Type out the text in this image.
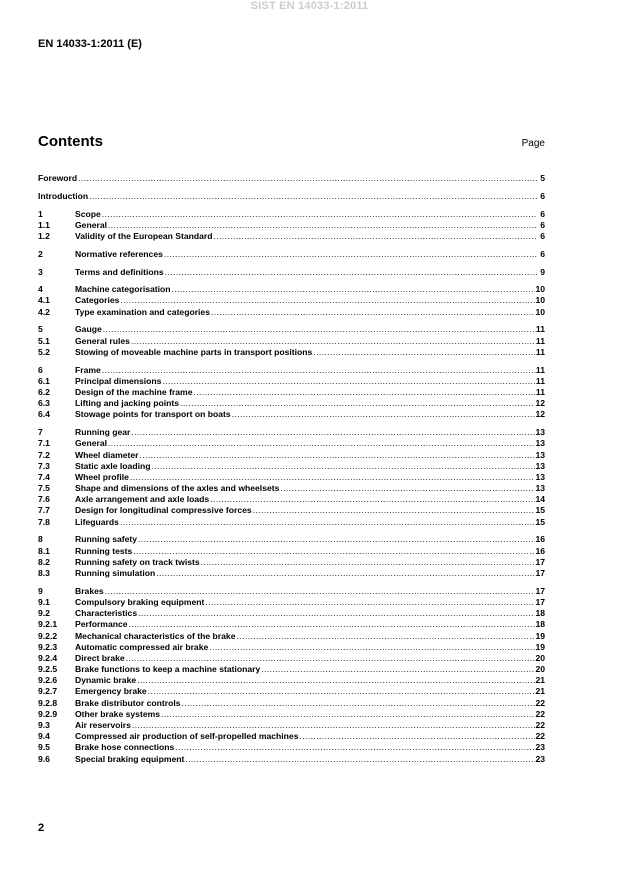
SIST EN 14033-1:2011
EN 14033-1:2011 (E)
Contents	Page
Foreword .....	5
Introduction .....	6
1	Scope .....	6
1.1	General .....	6
1.2	Validity of the European Standard .....	6
2	Normative references .....	6
3	Terms and definitions .....	9
4	Machine categorisation .....	10
4.1	Categories .....	10
4.2	Type examination and categories .....	10
5	Gauge .....	11
5.1	General rules .....	11
5.2	Stowing of moveable machine parts in transport positions .....	11
6	Frame .....	11
6.1	Principal dimensions .....	11
6.2	Design of the machine frame .....	11
6.3	Lifting and jacking points .....	12
6.4	Stowage points for transport on boats .....	12
7	Running gear .....	13
7.1	General .....	13
7.2	Wheel diameter .....	13
7.3	Static axle loading .....	13
7.4	Wheel profile .....	13
7.5	Shape and dimensions of the axles and wheelsets .....	13
7.6	Axle arrangement and axle loads .....	14
7.7	Design for longitudinal compressive forces .....	15
7.8	Lifeguards .....	15
8	Running safety .....	16
8.1	Running tests .....	16
8.2	Running safety on track twists .....	17
8.3	Running simulation .....	17
9	Brakes .....	17
9.1	Compulsory braking equipment .....	17
9.2	Characteristics .....	18
9.2.1	Performance .....	18
9.2.2	Mechanical characteristics of the brake .....	19
9.2.3	Automatic compressed air brake .....	19
9.2.4	Direct brake .....	20
9.2.5	Brake functions to keep a machine stationary .....	20
9.2.6	Dynamic brake .....	21
9.2.7	Emergency brake .....	21
9.2.8	Brake distributor controls .....	22
9.2.9	Other brake systems .....	22
9.3	Air reservoirs .....	22
9.4	Compressed air production of self-propelled machines .....	22
9.5	Brake hose connections .....	23
9.6	Special braking equipment .....	23
2
